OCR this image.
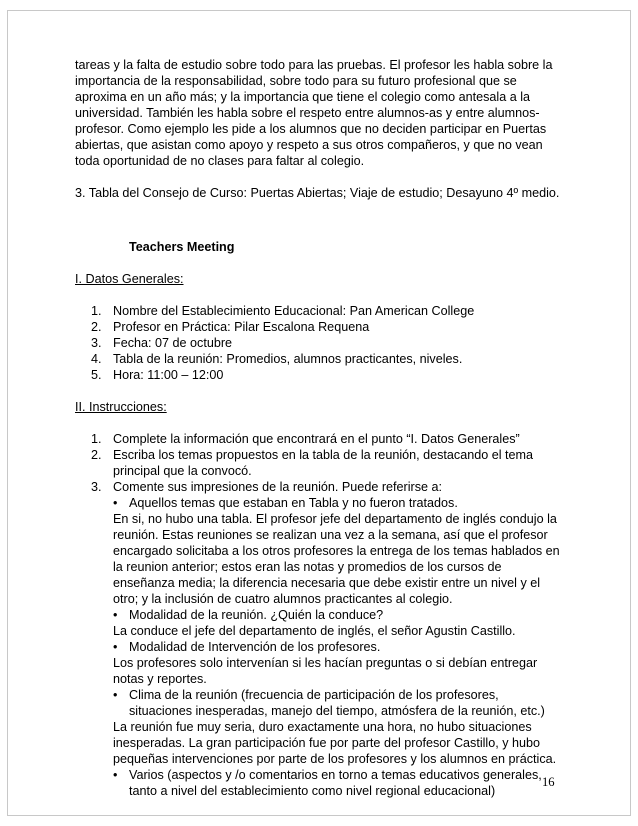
tareas y la falta de estudio sobre todo para las pruebas. El profesor les habla sobre la importancia de la responsabilidad, sobre todo para su futuro profesional que se aproxima en un año más; y la importancia que tiene el colegio como antesala a la universidad. También les habla sobre el respeto entre alumnos-as y entre alumnos-profesor. Como ejemplo les pide a los alumnos que no deciden participar en Puertas abiertas, que asistan como apoyo y respeto a sus otros compañeros, y que no vean toda oportunidad de no clases para faltar al colegio.

3. Tabla del Consejo de Curso: Puertas Abiertas; Viaje de estudio; Desayuno 4º medio.

Teachers Meeting

I. Datos Generales:

1. Nombre del Establecimiento Educacional: Pan American College
2. Profesor en Práctica: Pilar Escalona Requena
3. Fecha: 07 de octubre
4. Tabla de la reunión: Promedios, alumnos practicantes, niveles.
5. Hora: 11:00 – 12:00

II. Instrucciones:

1. Complete la información que encontrará en el punto “I. Datos Generales”
2. Escriba los temas propuestos en la tabla de la reunión, destacando el tema principal que la convocó.
3. Comente sus impresiones de la reunión. Puede referirse a:
• Aquellos temas que estaban en Tabla y no fueron tratados.

En si, no hubo una tabla. El profesor jefe del departamento de inglés condujo la reunión. Estas reuniones se realizan una vez a la semana, así que el profesor encargado solicitaba a los otros profesores la entrega de los temas hablados en la reunion anterior; estos eran las notas y promedios de los cursos de enseñanza media; la diferencia necesaria que debe existir entre un nivel y el otro; y la inclusión de cuatro alumnos practicantes al colegio.

• Modalidad de la reunión. ¿Quién la conduce?

La conduce el jefe del departamento de inglés, el señor Agustin Castillo.

• Modalidad de Intervención de los profesores.

Los profesores solo intervenían si les hacían preguntas o si debían entregar notas y reportes.

• Clima de la reunión (frecuencia de participación de los profesores, situaciones inesperadas, manejo del tiempo, atmósfera de la reunión, etc.)

La reunión fue muy seria, duro exactamente una hora, no hubo situaciones inesperadas. La gran participación fue por parte del profesor Castillo, y hubo pequeñas intervenciones por parte de los profesores y los alumnos en práctica.

• Varios (aspectos y /o comentarios en torno a temas educativos generales, tanto a nivel del establecimiento como nivel regional educacional)
16
